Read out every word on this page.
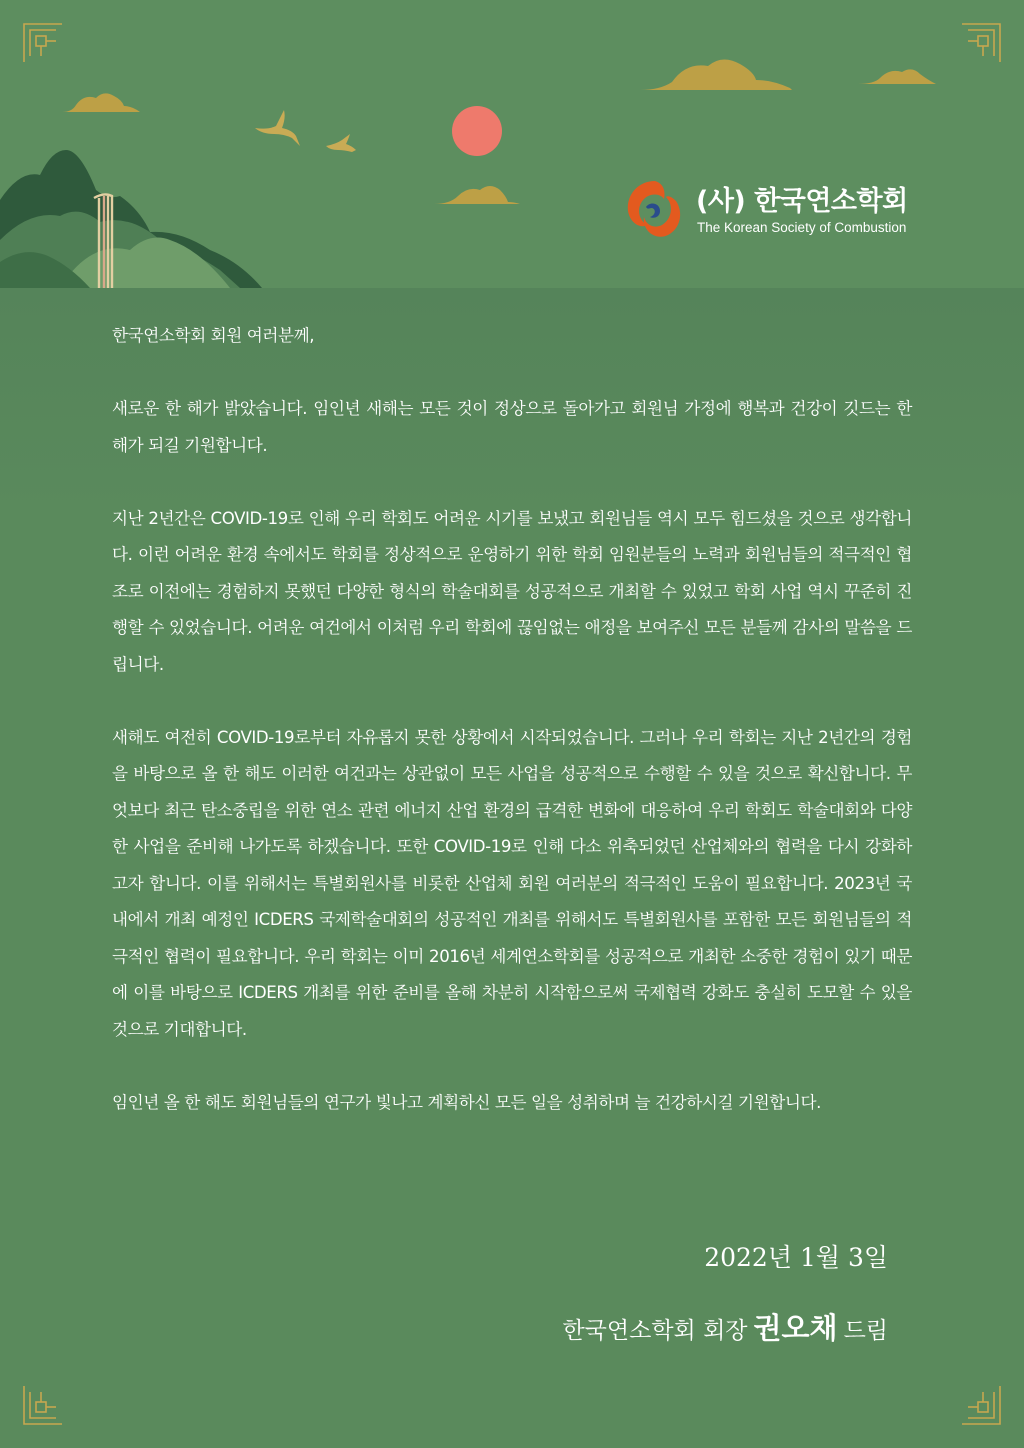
(사) 한국연소학회
The Korean Society of Combustion

한국연소학회 회원 여러분께,

새로운 한 해가 밝았습니다. 임인년 새해는 모든 것이 정상으로 돌아가고 회원님 가정에 행복과 건강이 깃드는 한 해가 되길 기원합니다.

지난 2년간은 COVID-19로 인해 우리 학회도 어려운 시기를 보냈고 회원님들 역시 모두 힘드셨을 것으로 생각합니다. 이런 어려운 환경 속에서도 학회를 정상적으로 운영하기 위한 학회 임원분들의 노력과 회원님들의 적극적인 협조로 이전에는 경험하지 못했던 다양한 형식의 학술대회를 성공적으로 개최할 수 있었고 학회 사업 역시 꾸준히 진행할 수 있었습니다. 어려운 여건에서 이처럼 우리 학회에 끊임없는 애정을 보여주신 모든 분들께 감사의 말씀을 드립니다.

새해도 여전히 COVID-19로부터 자유롭지 못한 상황에서 시작되었습니다. 그러나 우리 학회는 지난 2년간의 경험을 바탕으로 올 한 해도 이러한 여건과는 상관없이 모든 사업을 성공적으로 수행할 수 있을 것으로 확신합니다. 무엇보다 최근 탄소중립을 위한 연소 관련 에너지 산업 환경의 급격한 변화에 대응하여 우리 학회도 학술대회와 다양한 사업을 준비해 나가도록 하겠습니다. 또한 COVID-19로 인해 다소 위축되었던 산업체와의 협력을 다시 강화하고자 합니다. 이를 위해서는 특별회원사를 비롯한 산업체 회원 여러분의 적극적인 도움이 필요합니다. 2023년 국내에서 개최 예정인 ICDERS 국제학술대회의 성공적인 개최를 위해서도 특별회원사를 포함한 모든 회원님들의 적극적인 협력이 필요합니다. 우리 학회는 이미 2016년 세계연소학회를 성공적으로 개최한 소중한 경험이 있기 때문에 이를 바탕으로 ICDERS 개최를 위한 준비를 올해 차분히 시작함으로써 국제협력 강화도 충실히 도모할 수 있을 것으로 기대합니다.

임인년 올 한 해도 회원님들의 연구가 빛나고 계획하신 모든 일을 성취하며 늘 건강하시길 기원합니다.

2022년 1월 3일
한국연소학회 회장 권오채 드림
